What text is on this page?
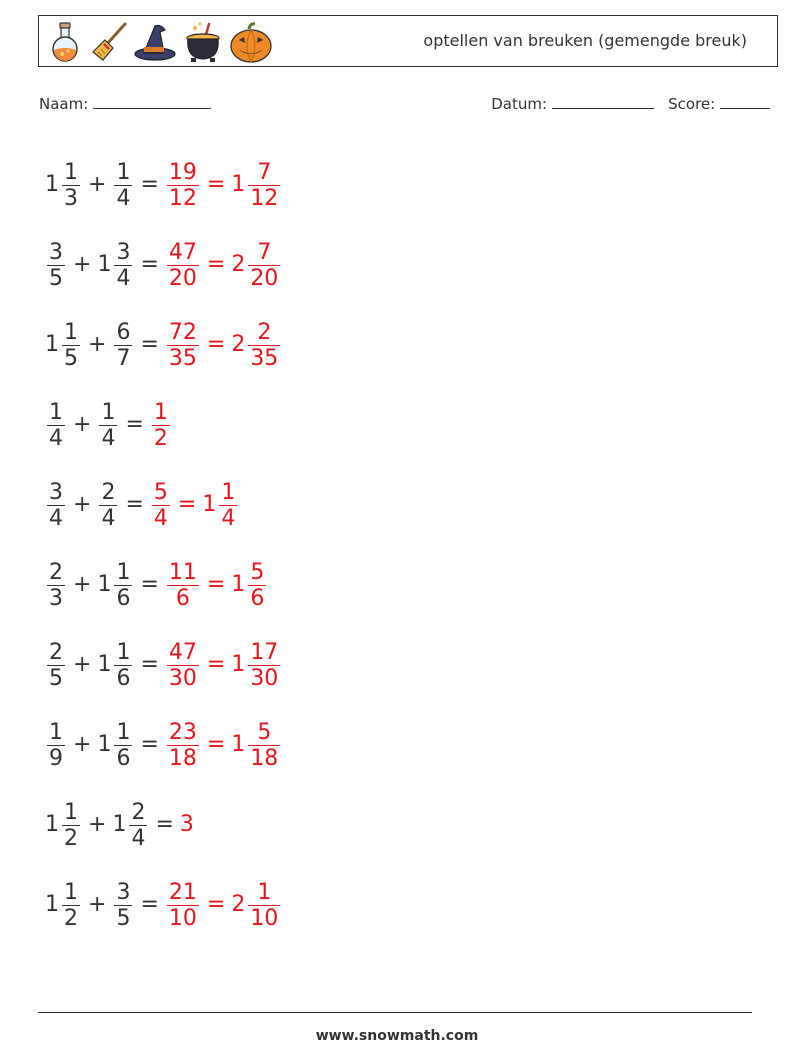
optellen van breuken (gemengde breuk)
Naam:	Datum:	Score:
$1 \frac{1}{3} + \frac{1}{4} = \frac{19}{12} = 1 \frac{7}{12}$
$\frac{3}{5} + 1 \frac{3}{4} = \frac{47}{20} = 2 \frac{7}{20}$
$1 \frac{1}{5} + \frac{6}{7} = \frac{72}{35} = 2 \frac{2}{35}$
$\frac{1}{4} + \frac{1}{4} = \frac{1}{2}$
$\frac{3}{4} + \frac{2}{4} = \frac{5}{4} = 1 \frac{1}{4}$
$\frac{2}{3} + 1 \frac{1}{6} = \frac{11}{6} = 1 \frac{5}{6}$
$\frac{2}{5} + 1 \frac{1}{6} = \frac{47}{30} = 1 \frac{17}{30}$
$\frac{1}{9} + 1 \frac{1}{6} = \frac{23}{18} = 1 \frac{5}{18}$
$1 \frac{1}{2} + 1 \frac{2}{4} = 3$
$1 \frac{1}{2} + \frac{3}{5} = \frac{21}{10} = 2 \frac{1}{10}$
www.snowmath.com
